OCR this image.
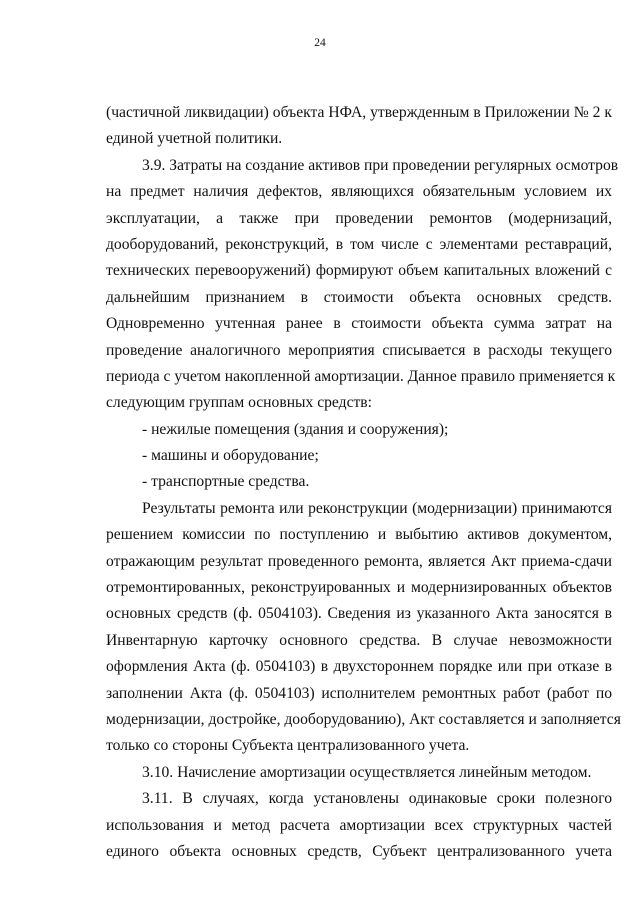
24
(частичной ликвидации) объекта НФА, утвержденным в Приложении № 2 к
единой учетной политики.
3.9. Затраты на создание активов при проведении регулярных осмотров
на предмет наличия дефектов, являющихся обязательным условием их
эксплуатации, а также при проведении ремонтов (модернизаций,
дооборудований, реконструкций, в том числе с элементами реставраций,
технических перевооружений) формируют объем капитальных вложений с
дальнейшим признанием в стоимости объекта основных средств.
Одновременно учтенная ранее в стоимости объекта сумма затрат на
проведение аналогичного мероприятия списывается в расходы текущего
периода с учетом накопленной амортизации. Данное правило применяется к
следующим группам основных средств:
- нежилые помещения (здания и сооружения);
- машины и оборудование;
- транспортные средства.
Результаты ремонта или реконструкции (модернизации) принимаются
решением комиссии по поступлению и выбытию активов документом,
отражающим результат проведенного ремонта, является Акт приема-сдачи
отремонтированных, реконструированных и модернизированных объектов
основных средств (ф. 0504103). Сведения из указанного Акта заносятся в
Инвентарную карточку основного средства. В случае невозможности
оформления Акта (ф. 0504103) в двухстороннем порядке или при отказе в
заполнении Акта (ф. 0504103) исполнителем ремонтных работ (работ по
модернизации, достройке, дооборудованию), Акт составляется и заполняется
только со стороны Субъекта централизованного учета.
3.10. Начисление амортизации осуществляется линейным методом.
3.11. В случаях, когда установлены одинаковые сроки полезного
использования и метод расчета амортизации всех структурных частей
единого объекта основных средств, Субъект централизованного учета
